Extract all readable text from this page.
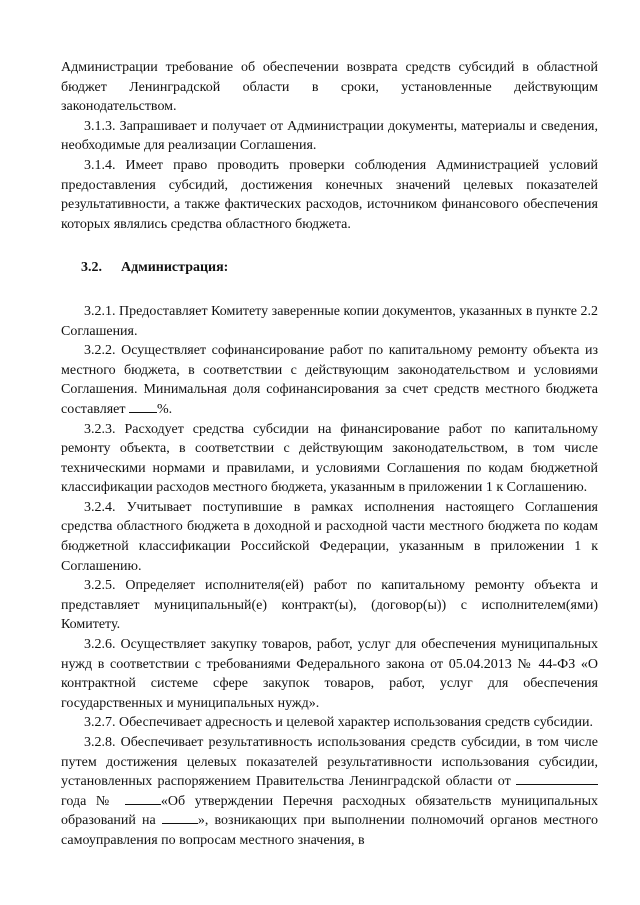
Администрации требование об обеспечении возврата средств субсидий в областной бюджет Ленинградской области в сроки, установленные действующим законодательством.

3.1.3. Запрашивает и получает от Администрации документы, материалы и сведения, необходимые для реализации Соглашения.

3.1.4. Имеет право проводить проверки соблюдения Администрацией условий предоставления субсидий, достижения конечных значений целевых показателей результативности, а также фактических расходов, источником финансового обеспечения которых являлись средства областного бюджета.

3.2. Администрация:

3.2.1. Предоставляет Комитету заверенные копии документов, указанных в пункте 2.2 Соглашения.

3.2.2. Осуществляет софинансирование работ по капитальному ремонту объекта из местного бюджета, в соответствии с действующим законодательством и условиями Соглашения. Минимальная доля софинансирования за счет средств местного бюджета составляет %.

3.2.3. Расходует средства субсидии на финансирование работ по капитальному ремонту объекта, в соответствии с действующим законодательством, в том числе техническими нормами и правилами, и условиями Соглашения по кодам бюджетной классификации расходов местного бюджета, указанным в приложении 1 к Соглашению.

3.2.4. Учитывает поступившие в рамках исполнения настоящего Соглашения средства областного бюджета в доходной и расходной части местного бюджета по кодам бюджетной классификации Российской Федерации, указанным в приложении 1 к Соглашению.

3.2.5. Определяет исполнителя(ей) работ по капитальному ремонту объекта и представляет муниципальный(е) контракт(ы), (договор(ы)) с исполнителем(ями) Комитету.

3.2.6. Осуществляет закупку товаров, работ, услуг для обеспечения муниципальных нужд в соответствии с требованиями Федерального закона от 05.04.2013 № 44-ФЗ «О контрактной системе сфере закупок товаров, работ, услуг для обеспечения государственных и муниципальных нужд».

3.2.7. Обеспечивает адресность и целевой характер использования средств субсидии.

3.2.8. Обеспечивает результативность использования средств субсидии, в том числе путем достижения целевых показателей результативности использования субсидии, установленных распоряжением Правительства Ленинградской области от  года №	«Об утверждении Перечня расходных обязательств муниципальных образований на	», возникающих при выполнении полномочий органов местного самоуправления по вопросам местного значения, в
